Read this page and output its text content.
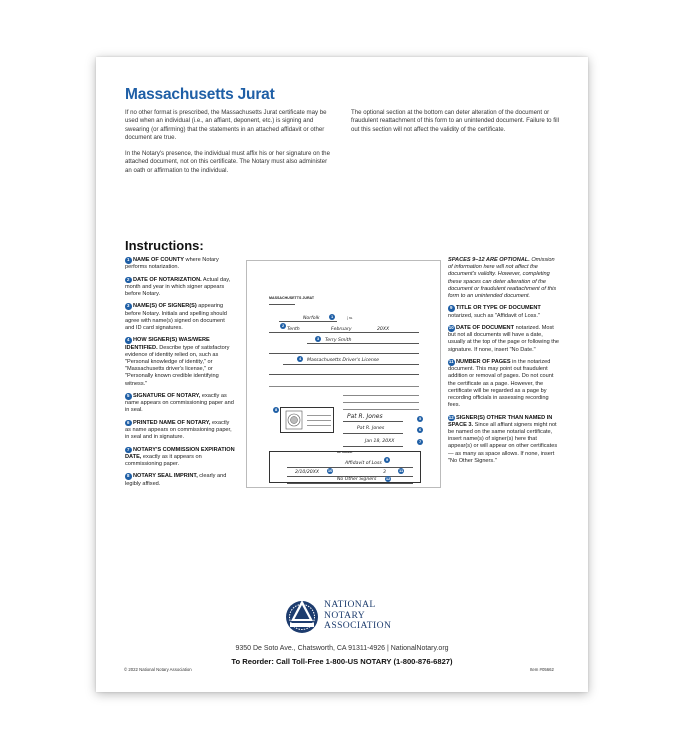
Massachusetts Jurat
If no other format is prescribed, the Massachusetts Jurat certificate may be used when an individual (i.e., an affiant, deponent, etc.) is signing and swearing (or affirming) that the statements in an attached affidavit or other document are true.
In the Notary's presence, the individual must affix his or her signature on the attached document, not on this certificate. The Notary must also administer an oath or affirmation to the individual.
The optional section at the bottom can deter alteration of the document or fraudulent reattachment of this form to an unintended document. Failure to fill out this section will not affect the validity of the certificate.
Instructions:
1 NAME OF COUNTY where Notary performs notarization.
2 DATE OF NOTARIZATION. Actual day, month and year in which signer appears before Notary.
3 NAME(S) OF SIGNER(S) appearing before Notary. Initials and spelling should agree with name(s) signed on document and ID card signatures.
4 HOW SIGNER(S) WAS/WERE IDENTIFIED. Describe type of satisfactory evidence of identity relied on, such as "Personal knowledge of identity," or "Massachusetts driver's license," or "Personally known credible identifying witness."
5 SIGNATURE OF NOTARY, exactly as name appears on commissioning paper and in seal.
6 PRINTED NAME OF NOTARY, exactly as name appears on commissioning paper, in seal and in signature.
7 NOTARY'S COMMISSION EXPIRATION DATE, exactly as it appears on commissioning paper.
8 NOTARY SEAL IMPRINT, clearly and legibly affixed.
SPACES 9–12 ARE OPTIONAL. Omission of information here will not affect the document's validity. However, completing these spaces can deter alteration of the document or fraudulent reattachment of this form to an unintended document.
9 TITLE OR TYPE OF DOCUMENT notarized, such as "Affidavit of Loss."
10 DATE OF DOCUMENT notarized. Most but not all documents will have a date, usually at the top of the page or following the signature. If none, insert "No Date."
11 NUMBER OF PAGES in the notarized document. This may point out fraudulent addition or removal of pages. Do not count the certificate as a page. However, the certificate will be regarded as a page by recording officials in assessing recording fees.
12 SIGNER(S) OTHER THAN NAMED IN SPACE 3. Since all affiant signers might not be named on the same notarial certificate, insert name(s) of signer(s) here that appear(s) or will appear on other certificates — as many as space allows. If none, insert "No Other Signers."
MASSACHUSETTS JURAT
Norfolk	1	} ss.
2
Tenth	February	20XX
3	Terry Smith
4	Massachusetts Driver's License
8
Pat R. Jones	5
Pat R. Jones	6
Jan 18, 20XX	7
OPTIONAL
Affidavit of Loss
9
2/10/20XX 10	3	11
No Other Signers 12
NATIONAL
NOTARY
ASSOCIATION
9350 De Soto Ave., Chatsworth, CA 91311-4926 | NationalNotary.org
To Reorder: Call Toll-Free 1-800-US NOTARY (1-800-876-6827)
© 2022 National Notary Association	Item #05662
